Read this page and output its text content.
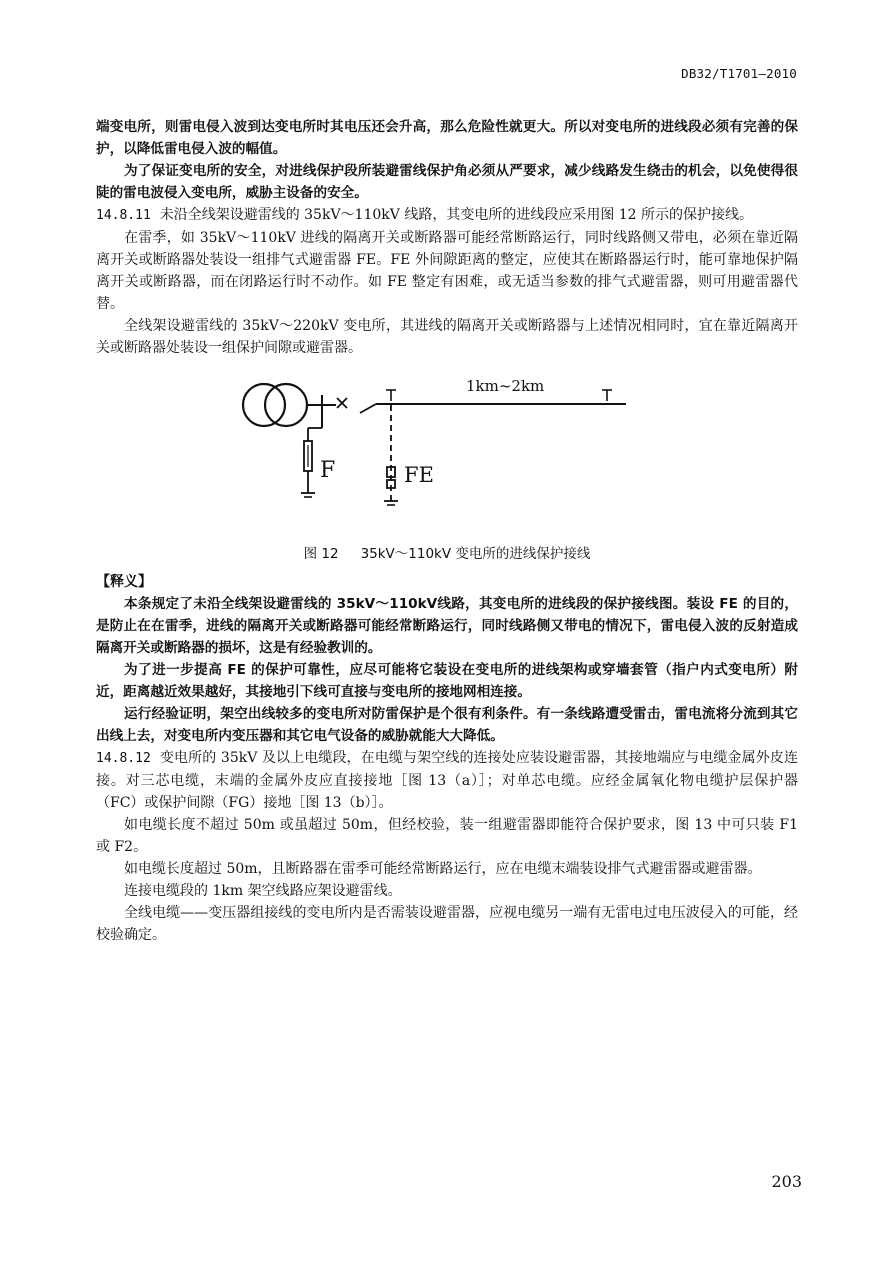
DB32/T1701—2010

端变电所，则雷电侵入波到达变电所时其电压还会升高，那么危险性就更大。所以对变电所的进线段必须有完善的保护，以降低雷电侵入波的幅值。

为了保证变电所的安全，对进线保护段所装避雷线保护角必须从严要求，减少线路发生绕击的机会，以免使得很陡的雷电波侵入变电所，威胁主设备的安全。

14.8.11 未沿全线架设避雷线的 35kV～110kV 线路，其变电所的进线段应采用图 12 所示的保护接线。

在雷季，如 35kV～110kV 进线的隔离开关或断路器可能经常断路运行，同时线路侧又带电，必须在靠近隔离开关或断路器处装设一组排气式避雷器 FE。FE 外间隙距离的整定，应使其在断路器运行时，能可靠地保护隔离开关或断路器，而在闭路运行时不动作。如 FE 整定有困难，或无适当参数的排气式避雷器，则可用避雷器代替。

全线架设避雷线的 35kV～220kV 变电所，其进线的隔离开关或断路器与上述情况相同时，宜在靠近隔离开关或断路器处装设一组保护间隙或避雷器。

1km~2km
F	FE

图 12 35kV～110kV 变电所的进线保护接线

【释义】

本条规定了未沿全线架设避雷线的 35kV～110kV线路，其变电所的进线段的保护接线图。装设 FE 的目的，是防止在在雷季，进线的隔离开关或断路器可能经常断路运行，同时线路侧又带电的情况下，雷电侵入波的反射造成隔离开关或断路器的损坏，这是有经验教训的。

为了进一步提高 FE 的保护可靠性，应尽可能将它装设在变电所的进线架构或穿墙套管（指户内式变电所）附近，距离越近效果越好，其接地引下线可直接与变电所的接地网相连接。

运行经验证明，架空出线较多的变电所对防雷保护是个很有利条件。有一条线路遭受雷击，雷电流将分流到其它出线上去，对变电所内变压器和其它电气设备的威胁就能大大降低。

14.8.12 变电所的 35kV 及以上电缆段，在电缆与架空线的连接处应装设避雷器，其接地端应与电缆金属外皮连接。对三芯电缆，末端的金属外皮应直接接地［图 13（a）］；对单芯电缆。应经金属氧化物电缆护层保护器（FC）或保护间隙（FG）接地［图 13（b）］。

如电缆长度不超过 50m 或虽超过 50m，但经校验，装一组避雷器即能符合保护要求，图 13 中可只装 F1 或 F2。

如电缆长度超过 50m，且断路器在雷季可能经常断路运行，应在电缆末端装设排气式避雷器或避雷器。

连接电缆段的 1km 架空线路应架设避雷线。

全线电缆——变压器组接线的变电所内是否需装设避雷器，应视电缆另一端有无雷电过电压波侵入的可能，经校验确定。

203
